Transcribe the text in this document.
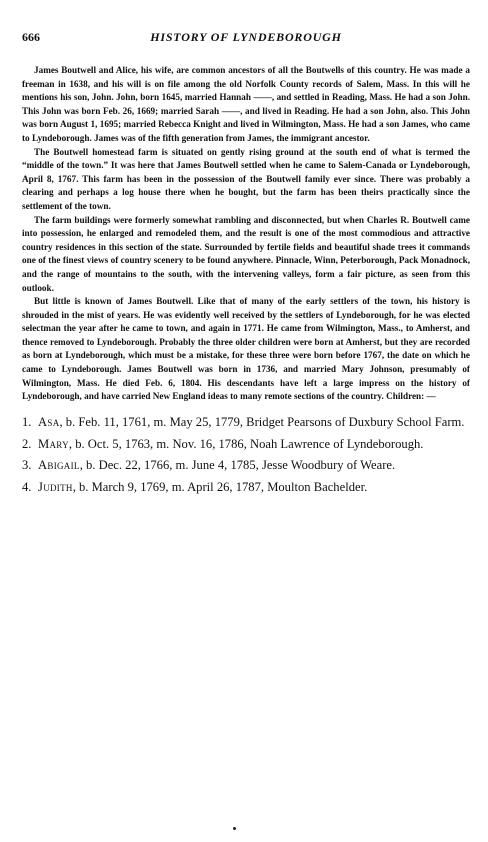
666	HISTORY OF LYNDEBOROUGH

James Boutwell and Alice, his wife, are common ancestors of all the Boutwells of this country. He was made a freeman in 1638, and his will is on file among the old Norfolk County records of Salem, Mass. In this will he mentions his son, John. John, born 1645, married Hannah ——, and settled in Reading, Mass. He had a son John. This John was born Feb. 26, 1669; married Sarah ——, and lived in Reading. He had a son John, also. This John was born August 1, 1695; married Rebecca Knight and lived in Wilmington, Mass. He had a son James, who came to Lyndeborough. James was of the fifth generation from James, the immigrant ancestor.

The Boutwell homestead farm is situated on gently rising ground at the south end of what is termed the “middle of the town.” It was here that James Boutwell settled when he came to Salem-Canada or Lyndeborough, April 8, 1767. This farm has been in the possession of the Boutwell family ever since. There was probably a clearing and perhaps a log house there when he bought, but the farm has been theirs practically since the settlement of the town.

The farm buildings were formerly somewhat rambling and disconnected, but when Charles R. Boutwell came into possession, he enlarged and remodeled them, and the result is one of the most commodious and attractive country residences in this section of the state. Surrounded by fertile fields and beautiful shade trees it commands one of the finest views of country scenery to be found anywhere. Pinnacle, Winn, Peterborough, Pack Monadnock, and the range of mountains to the south, with the intervening valleys, form a fair picture, as seen from this outlook.

But little is known of James Boutwell. Like that of many of the early settlers of the town, his history is shrouded in the mist of years. He was evidently well received by the settlers of Lyndeborough, for he was elected selectman the year after he came to town, and again in 1771. He came from Wilmington, Mass., to Amherst, and thence removed to Lyndeborough. Probably the three older children were born at Amherst, but they are recorded as born at Lyndeborough, which must be a mistake, for these three were born before 1767, the date on which he came to Lyndeborough. James Boutwell was born in 1736, and married Mary Johnson, presumably of Wilmington, Mass. He died Feb. 6, 1804. His descendants have left a large impress on the history of Lyndeborough, and have carried New England ideas to many remote sections of the country. Children: —

1. Asa, b. Feb. 11, 1761, m. May 25, 1779, Bridget Pearsons of Duxbury School Farm.
2. Mary, b. Oct. 5, 1763, m. Nov. 16, 1786, Noah Lawrence of Lyndeborough.
3. Abigail, b. Dec. 22, 1766, m. June 4, 1785, Jesse Woodbury of Weare.
4. Judith, b. March 9, 1769, m. April 26, 1787, Moulton Bachelder.
